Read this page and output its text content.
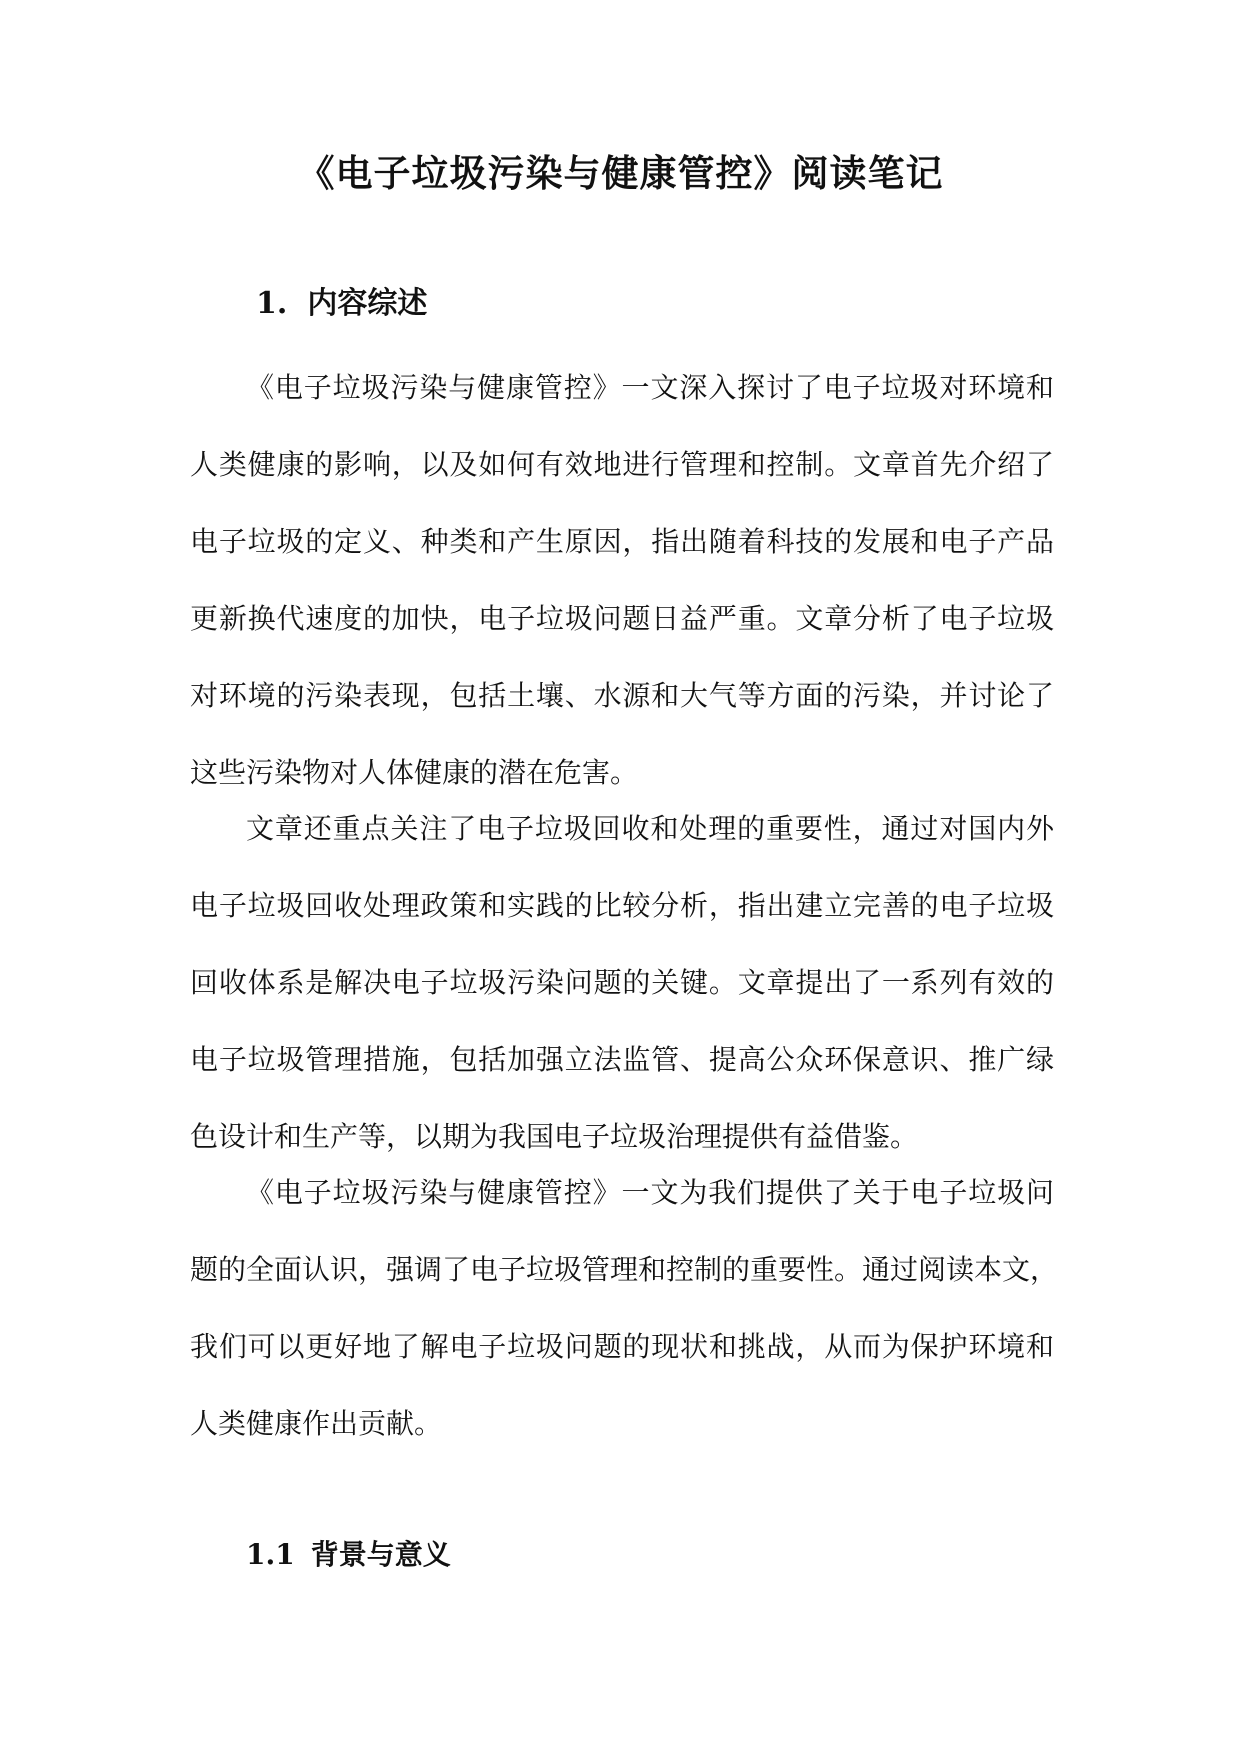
《电子垃圾污染与健康管控》阅读笔记
1. 内容综述
《电子垃圾污染与健康管控》一文深入探讨了电子垃圾对环境和
人类健康的影响，以及如何有效地进行管理和控制。文章首先介绍了
电子垃圾的定义、种类和产生原因，指出随着科技的发展和电子产品
更新换代速度的加快，电子垃圾问题日益严重。文章分析了电子垃圾
对环境的污染表现，包括土壤、水源和大气等方面的污染，并讨论了
这些污染物对人体健康的潜在危害。
文章还重点关注了电子垃圾回收和处理的重要性，通过对国内外
电子垃圾回收处理政策和实践的比较分析，指出建立完善的电子垃圾
回收体系是解决电子垃圾污染问题的关键。文章提出了一系列有效的
电子垃圾管理措施，包括加强立法监管、提高公众环保意识、推广绿
色设计和生产等，以期为我国电子垃圾治理提供有益借鉴。
《电子垃圾污染与健康管控》一文为我们提供了关于电子垃圾问
题的全面认识，强调了电子垃圾管理和控制的重要性。通过阅读本文，
我们可以更好地了解电子垃圾问题的现状和挑战，从而为保护环境和
人类健康作出贡献。
1.1 背景与意义
